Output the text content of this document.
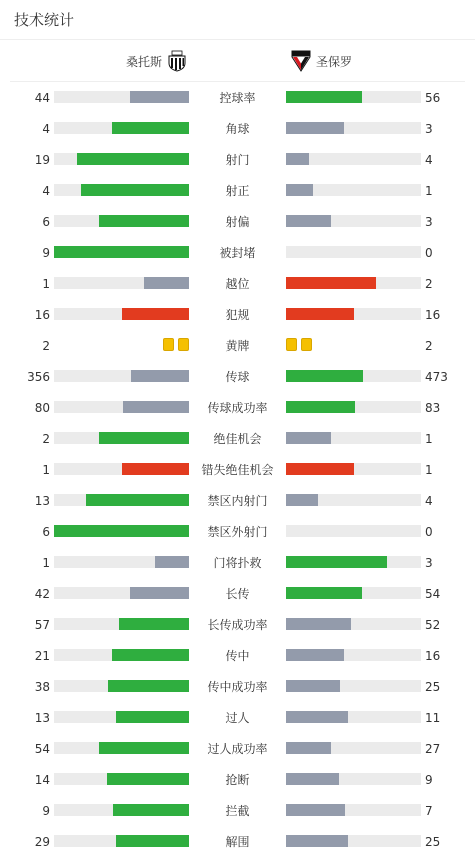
技术统计
桑托斯	圣保罗
44	控球率	56
4	角球	3
19	射门	4
4	射正	1
6	射偏	3
9	被封堵	0
1	越位	2
16	犯规	16
2	黄牌	2
356	传球	473
80	传球成功率	83
2	绝佳机会	1
1	错失绝佳机会	1
13	禁区内射门	4
6	禁区外射门	0
1	门将扑救	3
42	长传	54
57	长传成功率	52
21	传中	16
38	传中成功率	25
13	过人	11
54	过人成功率	27
14	抢断	9
9	拦截	7
29	解围	25
